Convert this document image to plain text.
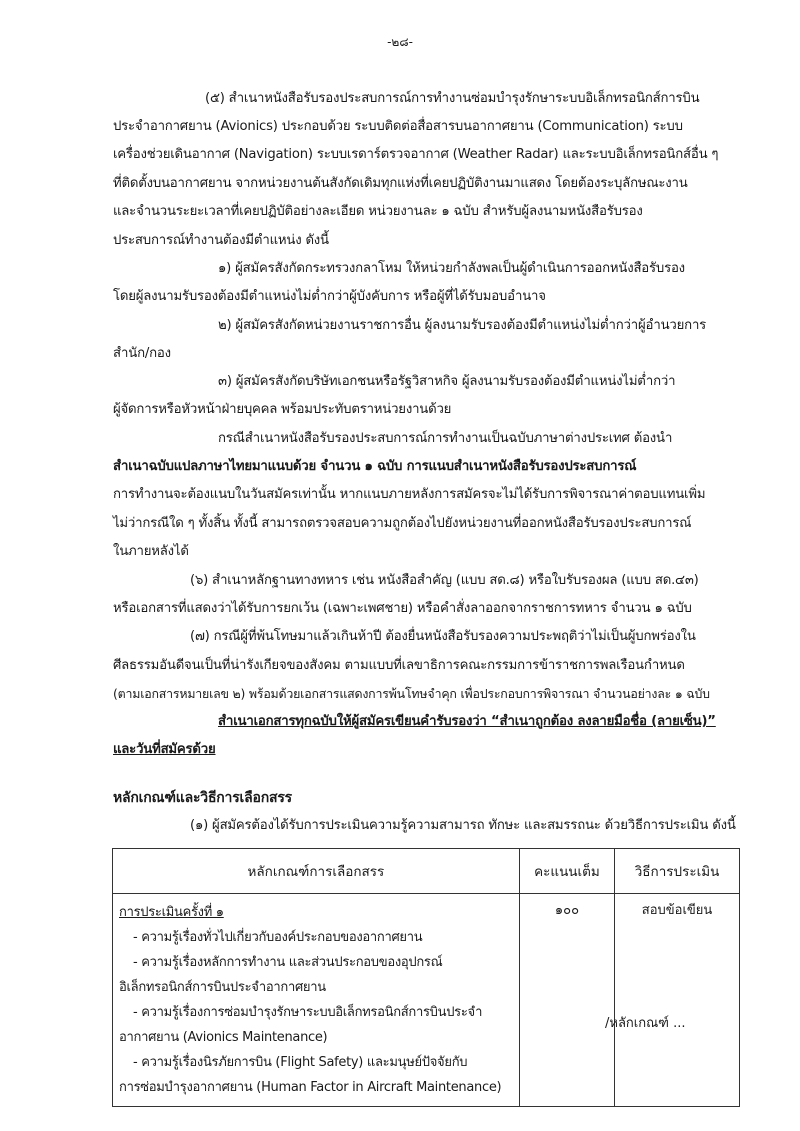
-๒๘-
(๕) สำเนาหนังสือรับรองประสบการณ์การทำงานซ่อมบำรุงรักษาระบบอิเล็กทรอนิกส์การบิน
ประจำอากาศยาน (Avionics) ประกอบด้วย ระบบติดต่อสื่อสารบนอากาศยาน (Communication) ระบบ
เครื่องช่วยเดินอากาศ (Navigation) ระบบเรดาร์ตรวจอากาศ (Weather Radar) และระบบอิเล็กทรอนิกส์อื่น ๆ
ที่ติดตั้งบนอากาศยาน จากหน่วยงานต้นสังกัดเดิมทุกแห่งที่เคยปฏิบัติงานมาแสดง โดยต้องระบุลักษณะงาน
และจำนวนระยะเวลาที่เคยปฏิบัติอย่างละเอียด หน่วยงานละ ๑ ฉบับ สำหรับผู้ลงนามหนังสือรับรอง
ประสบการณ์ทำงานต้องมีตำแหน่ง ดังนี้
๑) ผู้สมัครสังกัดกระทรวงกลาโหม ให้หน่วยกำลังพลเป็นผู้ดำเนินการออกหนังสือรับรอง
โดยผู้ลงนามรับรองต้องมีตำแหน่งไม่ต่ำกว่าผู้บังคับการ หรือผู้ที่ได้รับมอบอำนาจ
๒) ผู้สมัครสังกัดหน่วยงานราชการอื่น ผู้ลงนามรับรองต้องมีตำแหน่งไม่ต่ำกว่าผู้อำนวยการ
สำนัก/กอง
๓) ผู้สมัครสังกัดบริษัทเอกชนหรือรัฐวิสาหกิจ ผู้ลงนามรับรองต้องมีตำแหน่งไม่ต่ำกว่า
ผู้จัดการหรือหัวหน้าฝ่ายบุคคล พร้อมประทับตราหน่วยงานด้วย
กรณีสำเนาหนังสือรับรองประสบการณ์การทำงานเป็นฉบับภาษาต่างประเทศ ต้องนำ
สำเนาฉบับแปลภาษาไทยมาแนบด้วย จำนวน ๑ ฉบับ การแนบสำเนาหนังสือรับรองประสบการณ์
การทำงานจะต้องแนบในวันสมัครเท่านั้น หากแนบภายหลังการสมัครจะไม่ได้รับการพิจารณาค่าตอบแทนเพิ่ม
ไม่ว่ากรณีใด ๆ ทั้งสิ้น ทั้งนี้ สามารถตรวจสอบความถูกต้องไปยังหน่วยงานที่ออกหนังสือรับรองประสบการณ์
ในภายหลังได้
(๖) สำเนาหลักฐานทางทหาร เช่น หนังสือสำคัญ (แบบ สด.๘) หรือใบรับรองผล (แบบ สด.๔๓)
หรือเอกสารที่แสดงว่าได้รับการยกเว้น (เฉพาะเพศชาย) หรือคำสั่งลาออกจากราชการทหาร จำนวน ๑ ฉบับ
(๗) กรณีผู้ที่พ้นโทษมาแล้วเกินห้าปี ต้องยื่นหนังสือรับรองความประพฤติว่าไม่เป็นผู้บกพร่องใน
ศีลธรรมอันดีจนเป็นที่น่ารังเกียจของสังคม ตามแบบที่เลขาธิการคณะกรรมการข้าราชการพลเรือนกำหนด
(ตามเอกสารหมายเลข ๒) พร้อมด้วยเอกสารแสดงการพ้นโทษจำคุก เพื่อประกอบการพิจารณา จำนวนอย่างละ ๑ ฉบับ
สำเนาเอกสารทุกฉบับให้ผู้สมัครเขียนคำรับรองว่า “สำเนาถูกต้อง ลงลายมือชื่อ (ลายเซ็น)”
และวันที่สมัครด้วย
หลักเกณฑ์และวิธีการเลือกสรร
(๑) ผู้สมัครต้องได้รับการประเมินความรู้ความสามารถ ทักษะ และสมรรถนะ ด้วยวิธีการประเมิน ดังนี้
หลักเกณฑ์การเลือกสรร	คะแนนเต็ม	วิธีการประเมิน

การประเมินครั้งที่ ๑
- ความรู้เรื่องทั่วไปเกี่ยวกับองค์ประกอบของอากาศยาน
- ความรู้เรื่องหลักการทำงาน และส่วนประกอบของอุปกรณ์
อิเล็กทรอนิกส์การบินประจำอากาศยาน
- ความรู้เรื่องการซ่อมบำรุงรักษาระบบอิเล็กทรอนิกส์การบินประจำ
อากาศยาน (Avionics Maintenance)
- ความรู้เรื่องนิรภัยการบิน (Flight Safety) และมนุษย์ปัจจัยกับ
การซ่อมบำรุงอากาศยาน (Human Factor in Aircraft Maintenance)

๑๐๐	สอบข้อเขียน
/หลักเกณฑ์ ...
